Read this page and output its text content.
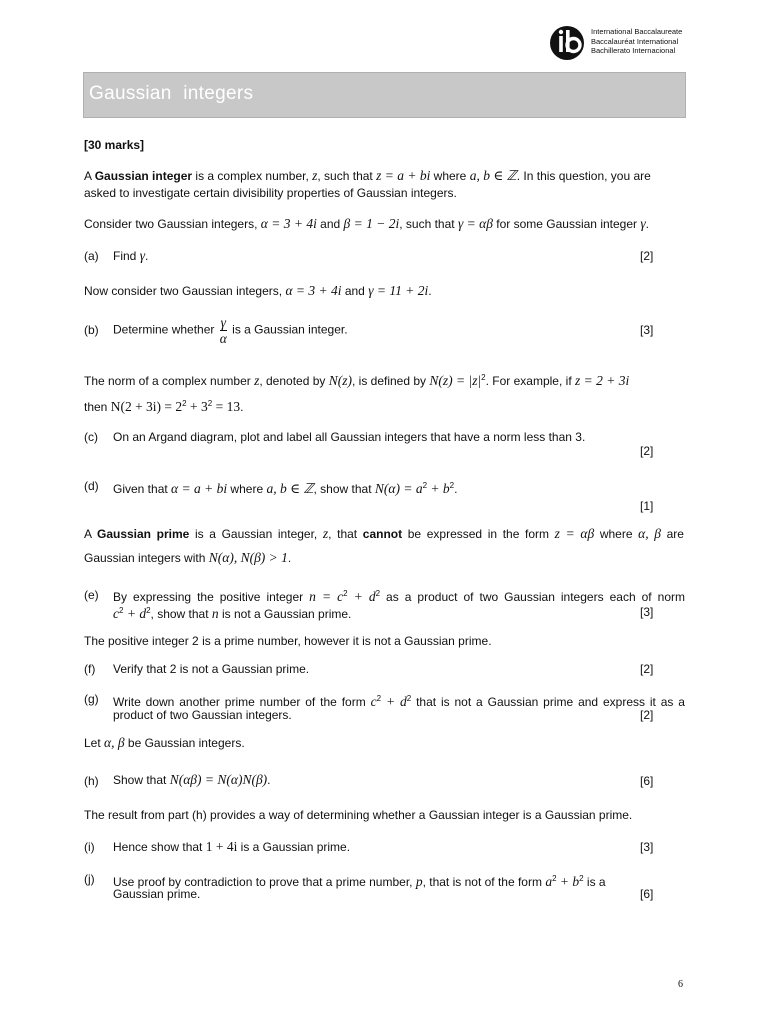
International Baccalaureate
Baccalauréat International
Bachillerato Internacional
Gaussian integers
[30 marks]
A Gaussian integer is a complex number, z, such that z = a + bi where a, b ∈ ℤ. In this question, you are
asked to investigate certain divisibility properties of Gaussian integers.
Consider two Gaussian integers, α = 3 + 4i and β = 1 − 2i, such that γ = αβ for some Gaussian integer γ.
(a) Find γ.	[2]
Now consider two Gaussian integers, α = 3 + 4i and γ = 11 + 2i.
(b) Determine whether $\frac{\gamma}{\alpha}$ is a Gaussian integer.	[3]
The norm of a complex number z, denoted by N(z), is defined by $N(z) = |z|^2$. For example, if z = 2 + 3i
then $N(2 + 3i) = 2^2 + 3^2 = 13$.
(c) On an Argand diagram, plot and label all Gaussian integers that have a norm less than 3.
[2]
(d) Given that α = a + bi where a, b ∈ ℤ, show that $N(\alpha) = a^2 + b^2$.
[1]
A Gaussian prime is a Gaussian integer, z, that cannot be expressed in the form z = αβ where α, β are
Gaussian integers with N(α), N(β) > 1.
(e) By expressing the positive integer $n = c^2 + d^2$ as a product of two Gaussian integers each of norm
$c^2 + d^2$, show that n is not a Gaussian prime.	[3]
The positive integer 2 is a prime number, however it is not a Gaussian prime.
(f) Verify that 2 is not a Gaussian prime.	[2]
(g) Write down another prime number of the form $c^2 + d^2$ that is not a Gaussian prime and express it as a
product of two Gaussian integers.	[2]
Let α, β be Gaussian integers.
(h) Show that N(αβ) = N(α)N(β).	[6]
The result from part (h) provides a way of determining whether a Gaussian integer is a Gaussian prime.
(i) Hence show that 1 + 4i is a Gaussian prime.	[3]
(j) Use proof by contradiction to prove that a prime number, p, that is not of the form $a^2 + b^2$ is a
Gaussian prime.	[6]
6
